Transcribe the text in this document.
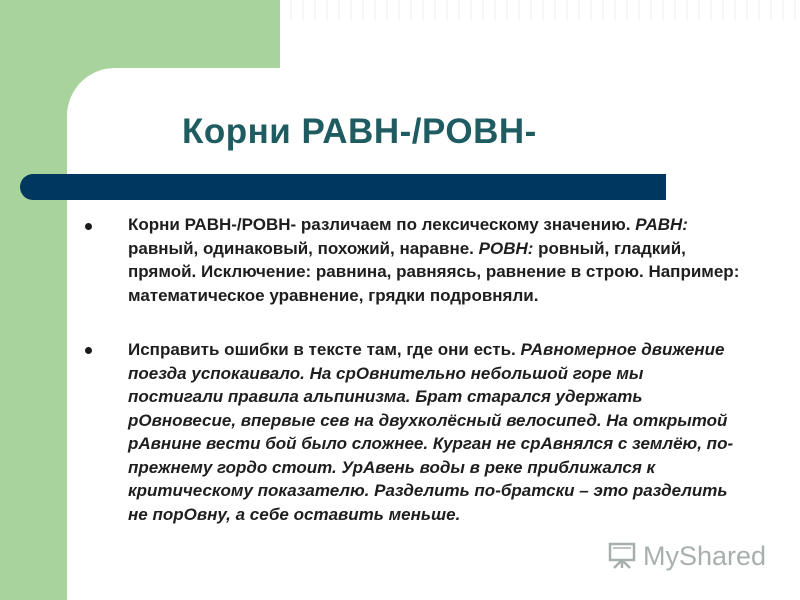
Корни РАВН-/РОВН-
Корни РАВН-/РОВН- различаем по лексическому значению. РАВН: равный, одинаковый, похожий, наравне. РОВН: ровный, гладкий, прямой. Исключение: равнина, равняясь, равнение в строю. Например: математическое уравнение, грядки подровняли.
Исправить ошибки в тексте там, где они есть. РАвномерное движение поезда успокаивало. На срОвнительно небольшой горе мы постигали правила альпинизма. Брат старался удержать рОвновесие, впервые сев на двухколёсный велосипед. На открытой рАвнине вести бой было сложнее. Курган не срАвнялся с землёю, по-прежнему гордо стоит. УрАвень воды в реке приближался к критическому показателю. Разделить по-братски – это разделить не порОвну, а себе оставить меньше.
MyShared
